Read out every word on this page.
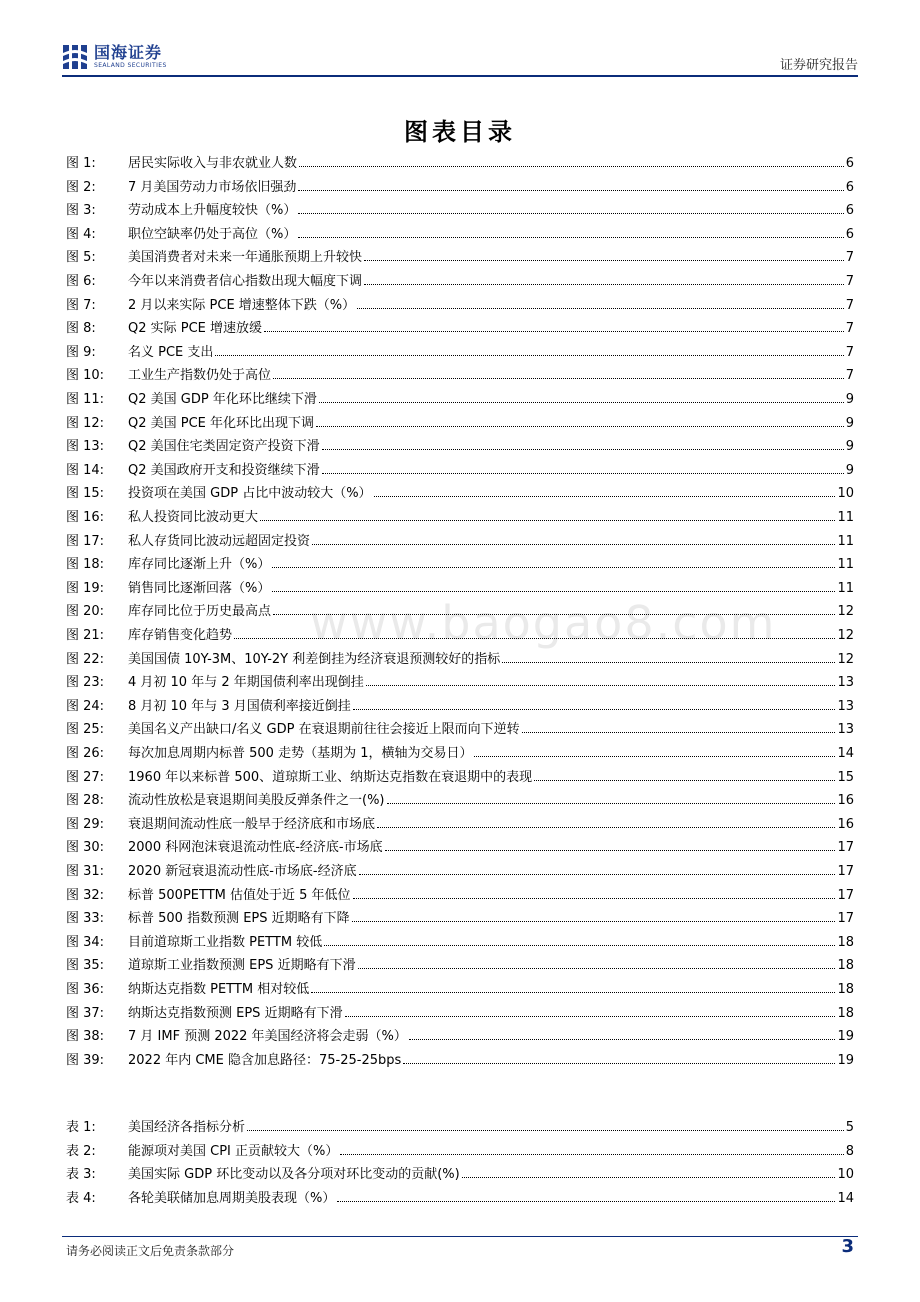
国海证券
SEALAND SECURITIES	证券研究报告
图表目录
www.baogao8.com
图 1:	居民实际收入与非农就业人数	6
图 2:	7 月美国劳动力市场依旧强劲	6
图 3:	劳动成本上升幅度较快（%）	6
图 4:	职位空缺率仍处于高位（%）	6
图 5:	美国消费者对未来一年通胀预期上升较快	7
图 6:	今年以来消费者信心指数出现大幅度下调	7
图 7:	2 月以来实际 PCE 增速整体下跌（%）	7
图 8:	Q2 实际 PCE 增速放缓	7
图 9:	名义 PCE 支出	7
图 10:	工业生产指数仍处于高位	7
图 11:	Q2 美国 GDP 年化环比继续下滑	9
图 12:	Q2 美国 PCE 年化环比出现下调	9
图 13:	Q2 美国住宅类固定资产投资下滑	9
图 14:	Q2 美国政府开支和投资继续下滑	9
图 15:	投资项在美国 GDP 占比中波动较大（%）	10
图 16:	私人投资同比波动更大	11
图 17:	私人存货同比波动远超固定投资	11
图 18:	库存同比逐渐上升（%）	11
图 19:	销售同比逐渐回落（%）	11
图 20:	库存同比位于历史最高点	12
图 21:	库存销售变化趋势	12
图 22:	美国国债 10Y-3M、10Y-2Y 利差倒挂为经济衰退预测较好的指标	12
图 23:	4 月初 10 年与 2 年期国债利率出现倒挂	13
图 24:	8 月初 10 年与 3 月国债利率接近倒挂	13
图 25:	美国名义产出缺口/名义 GDP 在衰退期前往往会接近上限而向下逆转	13
图 26:	每次加息周期内标普 500 走势（基期为 1，横轴为交易日）	14
图 27:	1960 年以来标普 500、道琼斯工业、纳斯达克指数在衰退期中的表现	15
图 28:	流动性放松是衰退期间美股反弹条件之一(%)	16
图 29:	衰退期间流动性底一般早于经济底和市场底	16
图 30:	2000 科网泡沫衰退流动性底-经济底-市场底	17
图 31:	2020 新冠衰退流动性底-市场底-经济底	17
图 32:	标普 500PETTM 估值处于近 5 年低位	17
图 33:	标普 500 指数预测 EPS 近期略有下降	17
图 34:	目前道琼斯工业指数 PETTM 较低	18
图 35:	道琼斯工业指数预测 EPS 近期略有下滑	18
图 36:	纳斯达克指数 PETTM 相对较低	18
图 37:	纳斯达克指数预测 EPS 近期略有下滑	18
图 38:	7 月 IMF 预测 2022 年美国经济将会走弱（%）	19
图 39:	2022 年内 CME 隐含加息路径：75-25-25bps	19
表 1:	美国经济各指标分析	5
表 2:	能源项对美国 CPI 正贡献较大（%）	8
表 3:	美国实际 GDP 环比变动以及各分项对环比变动的贡献(%)	10
表 4:	各轮美联储加息周期美股表现（%）	14
请务必阅读正文后免责条款部分	3
